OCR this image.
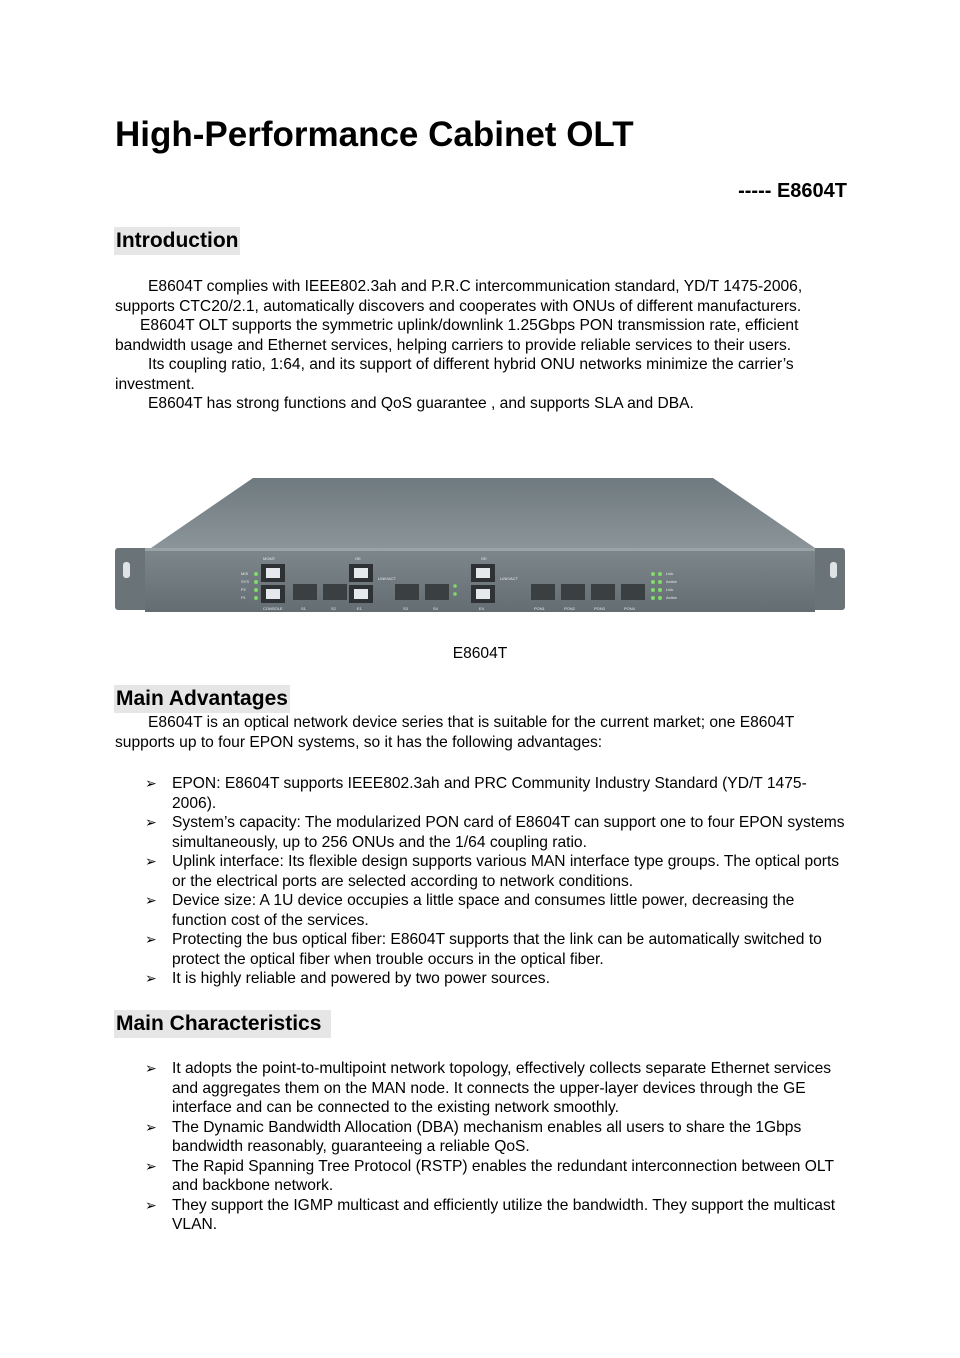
High-Performance Cabinet OLT
----- E8604T
Introduction

E8604T complies with IEEE802.3ah and P.R.C intercommunication standard, YD/T 1475-2006, supports CTC20/2.1, automatically discovers and cooperates with ONUs of different manufacturers.

E8604T OLT supports the symmetric uplink/downlink 1.25Gbps PON transmission rate, efficient bandwidth usage and Ethernet services, helping carriers to provide reliable services to their users.

Its coupling ratio, 1:64, and its support of different hybrid ONU networks minimize the carrier’s investment.

E8604T has strong functions and QoS guarantee , and supports SLA and DBA.

MIS
SYS
P2
P1
MGMT
CONSOLE	S1	S2
GE
E1
LINK/ACT
S3	S4
GE
E4
LINK/ACT
PON1	PON2	PON3	PON4
Link
Active
Link
Active
E8604T
Main Advantages

E8604T is an optical network device series that is suitable for the current market; one E8604T supports up to four EPON systems, so it has the following advantages:

➢ EPON: E8604T supports IEEE802.3ah and PRC Community Industry Standard (YD/T 1475-2006).
➢ System’s capacity: The modularized PON card of E8604T can support one to four EPON systems simultaneously, up to 256 ONUs and the 1/64 coupling ratio.
➢ Uplink interface: Its flexible design supports various MAN interface type groups. The optical ports or the electrical ports are selected according to network conditions.
➢ Device size: A 1U device occupies a little space and consumes little power, decreasing the function cost of the services.
➢ Protecting the bus optical fiber: E8604T supports that the link can be automatically switched to protect the optical fiber when trouble occurs in the optical fiber.
➢ It is highly reliable and powered by two power sources.
Main Characteristics
➢ It adopts the point-to-multipoint network topology, effectively collects separate Ethernet services and aggregates them on the MAN node. It connects the upper-layer devices through the GE interface and can be connected to the existing network smoothly.
➢ The Dynamic Bandwidth Allocation (DBA) mechanism enables all users to share the 1Gbps bandwidth reasonably, guaranteeing a reliable QoS.
➢ The Rapid Spanning Tree Protocol (RSTP) enables the redundant interconnection between OLT and backbone network.
➢ They support the IGMP multicast and efficiently utilize the bandwidth. They support the multicast VLAN.
